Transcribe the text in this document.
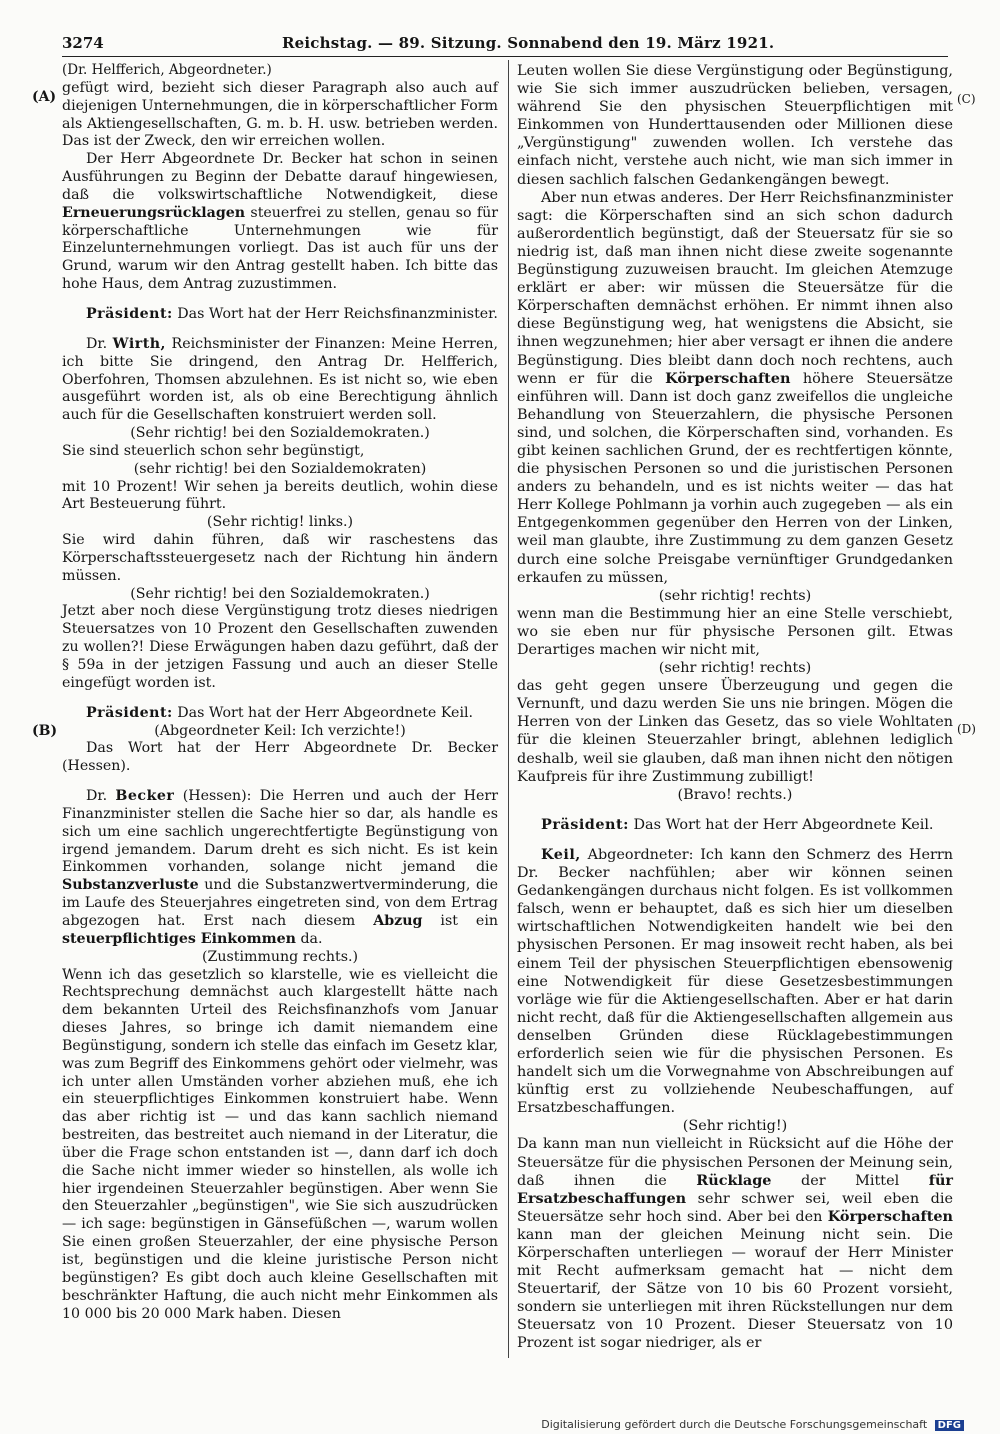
3274	Reichstag. — 89. Sitzung. Sonnabend den 19. März 1921.
(A)
(B)
(C)
(D)

(Dr. Helfferich, Abgeordneter.)

gefügt wird, bezieht sich dieser Paragraph also auch auf diejenigen Unternehmungen, die in körperschaftlicher Form als Aktiengesellschaften, G. m. b. H. usw. betrieben werden. Das ist der Zweck, den wir erreichen wollen.

Der Herr Abgeordnete Dr. Becker hat schon in seinen Ausführungen zu Beginn der Debatte darauf hingewiesen, daß die volkswirtschaftliche Notwendigkeit, diese Erneuerungsrücklagen steuerfrei zu stellen, genau so für körperschaftliche Unternehmungen wie für Einzelunternehmungen vorliegt. Das ist auch für uns der Grund, warum wir den Antrag gestellt haben. Ich bitte das hohe Haus, dem Antrag zuzustimmen.

Präsident: Das Wort hat der Herr Reichsfinanzminister.

Dr. Wirth, Reichsminister der Finanzen: Meine Herren, ich bitte Sie dringend, den Antrag Dr. Helfferich, Oberfohren, Thomsen abzulehnen. Es ist nicht so, wie eben ausgeführt worden ist, als ob eine Berechtigung ähnlich auch für die Gesellschaften konstruiert werden soll.

(Sehr richtig! bei den Sozialdemokraten.)

Sie sind steuerlich schon sehr begünstigt,

(sehr richtig! bei den Sozialdemokraten)

mit 10 Prozent! Wir sehen ja bereits deutlich, wohin diese Art Besteuerung führt.

(Sehr richtig! links.)

Sie wird dahin führen, daß wir raschestens das Körperschaftssteuergesetz nach der Richtung hin ändern müssen.

(Sehr richtig! bei den Sozialdemokraten.)

Jetzt aber noch diese Vergünstigung trotz dieses niedrigen Steuersatzes von 10 Prozent den Gesellschaften zuwenden zu wollen?! Diese Erwägungen haben dazu geführt, daß der § 59a in der jetzigen Fassung und auch an dieser Stelle eingefügt worden ist.

Präsident: Das Wort hat der Herr Abgeordnete Keil.

(Abgeordneter Keil: Ich verzichte!)

Das Wort hat der Herr Abgeordnete Dr. Becker (Hessen).

Dr. Becker (Hessen): Die Herren und auch der Herr Finanzminister stellen die Sache hier so dar, als handle es sich um eine sachlich ungerechtfertigte Begünstigung von irgend jemandem. Darum dreht es sich nicht. Es ist kein Einkommen vorhanden, solange nicht jemand die Substanzverluste und die Substanzwertverminderung, die im Laufe des Steuerjahres eingetreten sind, von dem Ertrag abgezogen hat. Erst nach diesem Abzug ist ein steuerpflichtiges Einkommen da.

(Zustimmung rechts.)

Wenn ich das gesetzlich so klarstelle, wie es vielleicht die Rechtsprechung demnächst auch klargestellt hätte nach dem bekannten Urteil des Reichsfinanzhofs vom Januar dieses Jahres, so bringe ich damit niemandem eine Begünstigung, sondern ich stelle das einfach im Gesetz klar, was zum Begriff des Einkommens gehört oder vielmehr, was ich unter allen Umständen vorher abziehen muß, ehe ich ein steuerpflichtiges Einkommen konstruiert habe. Wenn das aber richtig ist — und das kann sachlich niemand bestreiten, das bestreitet auch niemand in der Literatur, die über die Frage schon entstanden ist —, dann darf ich doch die Sache nicht immer wieder so hinstellen, als wolle ich hier irgendeinen Steuerzahler begünstigen. Aber wenn Sie den Steuerzahler „begünstigen", wie Sie sich auszudrücken — ich sage: begünstigen in Gänsefüßchen —, warum wollen Sie einen großen Steuerzahler, der eine physische Person ist, begünstigen und die kleine juristische Person nicht begünstigen? Es gibt doch auch kleine Gesellschaften mit beschränkter Haftung, die auch nicht mehr Einkommen als 10 000 bis 20 000 Mark haben. Diesen

Leuten wollen Sie diese Vergünstigung oder Begünstigung, wie Sie sich immer auszudrücken belieben, versagen, während Sie den physischen Steuerpflichtigen mit Einkommen von Hunderttausenden oder Millionen diese „Vergünstigung" zuwenden wollen. Ich verstehe das einfach nicht, verstehe auch nicht, wie man sich immer in diesen sachlich falschen Gedankengängen bewegt.

Aber nun etwas anderes. Der Herr Reichsfinanzminister sagt: die Körperschaften sind an sich schon dadurch außerordentlich begünstigt, daß der Steuersatz für sie so niedrig ist, daß man ihnen nicht diese zweite sogenannte Begünstigung zuzuweisen braucht. Im gleichen Atemzuge erklärt er aber: wir müssen die Steuersätze für die Körperschaften demnächst erhöhen. Er nimmt ihnen also diese Begünstigung weg, hat wenigstens die Absicht, sie ihnen wegzunehmen; hier aber versagt er ihnen die andere Begünstigung. Dies bleibt dann doch noch rechtens, auch wenn er für die Körperschaften höhere Steuersätze einführen will. Dann ist doch ganz zweifellos die ungleiche Behandlung von Steuerzahlern, die physische Personen sind, und solchen, die Körperschaften sind, vorhanden. Es gibt keinen sachlichen Grund, der es rechtfertigen könnte, die physischen Personen so und die juristischen Personen anders zu behandeln, und es ist nichts weiter — das hat Herr Kollege Pohlmann ja vorhin auch zugegeben — als ein Entgegenkommen gegenüber den Herren von der Linken, weil man glaubte, ihre Zustimmung zu dem ganzen Gesetz durch eine solche Preisgabe vernünftiger Grundgedanken erkaufen zu müssen,

(sehr richtig! rechts)

wenn man die Bestimmung hier an eine Stelle verschiebt, wo sie eben nur für physische Personen gilt. Etwas Derartiges machen wir nicht mit,

(sehr richtig! rechts)

das geht gegen unsere Überzeugung und gegen die Vernunft, und dazu werden Sie uns nie bringen. Mögen die Herren von der Linken das Gesetz, das so viele Wohltaten für die kleinen Steuerzahler bringt, ablehnen lediglich deshalb, weil sie glauben, daß man ihnen nicht den nötigen Kaufpreis für ihre Zustimmung zubilligt!

(Bravo! rechts.)

Präsident: Das Wort hat der Herr Abgeordnete Keil.

Keil, Abgeordneter: Ich kann den Schmerz des Herrn Dr. Becker nachfühlen; aber wir können seinen Gedankengängen durchaus nicht folgen. Es ist vollkommen falsch, wenn er behauptet, daß es sich hier um dieselben wirtschaftlichen Notwendigkeiten handelt wie bei den physischen Personen. Er mag insoweit recht haben, als bei einem Teil der physischen Steuerpflichtigen ebensowenig eine Notwendigkeit für diese Gesetzesbestimmungen vorläge wie für die Aktiengesellschaften. Aber er hat darin nicht recht, daß für die Aktiengesellschaften allgemein aus denselben Gründen diese Rücklagebestimmungen erforderlich seien wie für die physischen Personen. Es handelt sich um die Vorwegnahme von Abschreibungen auf künftig erst zu vollziehende Neubeschaffungen, auf Ersatzbeschaffungen.

(Sehr richtig!)

Da kann man nun vielleicht in Rücksicht auf die Höhe der Steuersätze für die physischen Personen der Meinung sein, daß ihnen die Rücklage der Mittel für Ersatzbeschaffungen sehr schwer sei, weil eben die Steuersätze sehr hoch sind. Aber bei den Körperschaften kann man der gleichen Meinung nicht sein. Die Körperschaften unterliegen — worauf der Herr Minister mit Recht aufmerksam gemacht hat — nicht dem Steuertarif, der Sätze von 10 bis 60 Prozent vorsieht, sondern sie unterliegen mit ihren Rückstellungen nur dem Steuersatz von 10 Prozent. Dieser Steuersatz von 10 Prozent ist sogar niedriger, als er

Digitalisierung gefördert durch die Deutsche Forschungsgemeinschaft DFG
